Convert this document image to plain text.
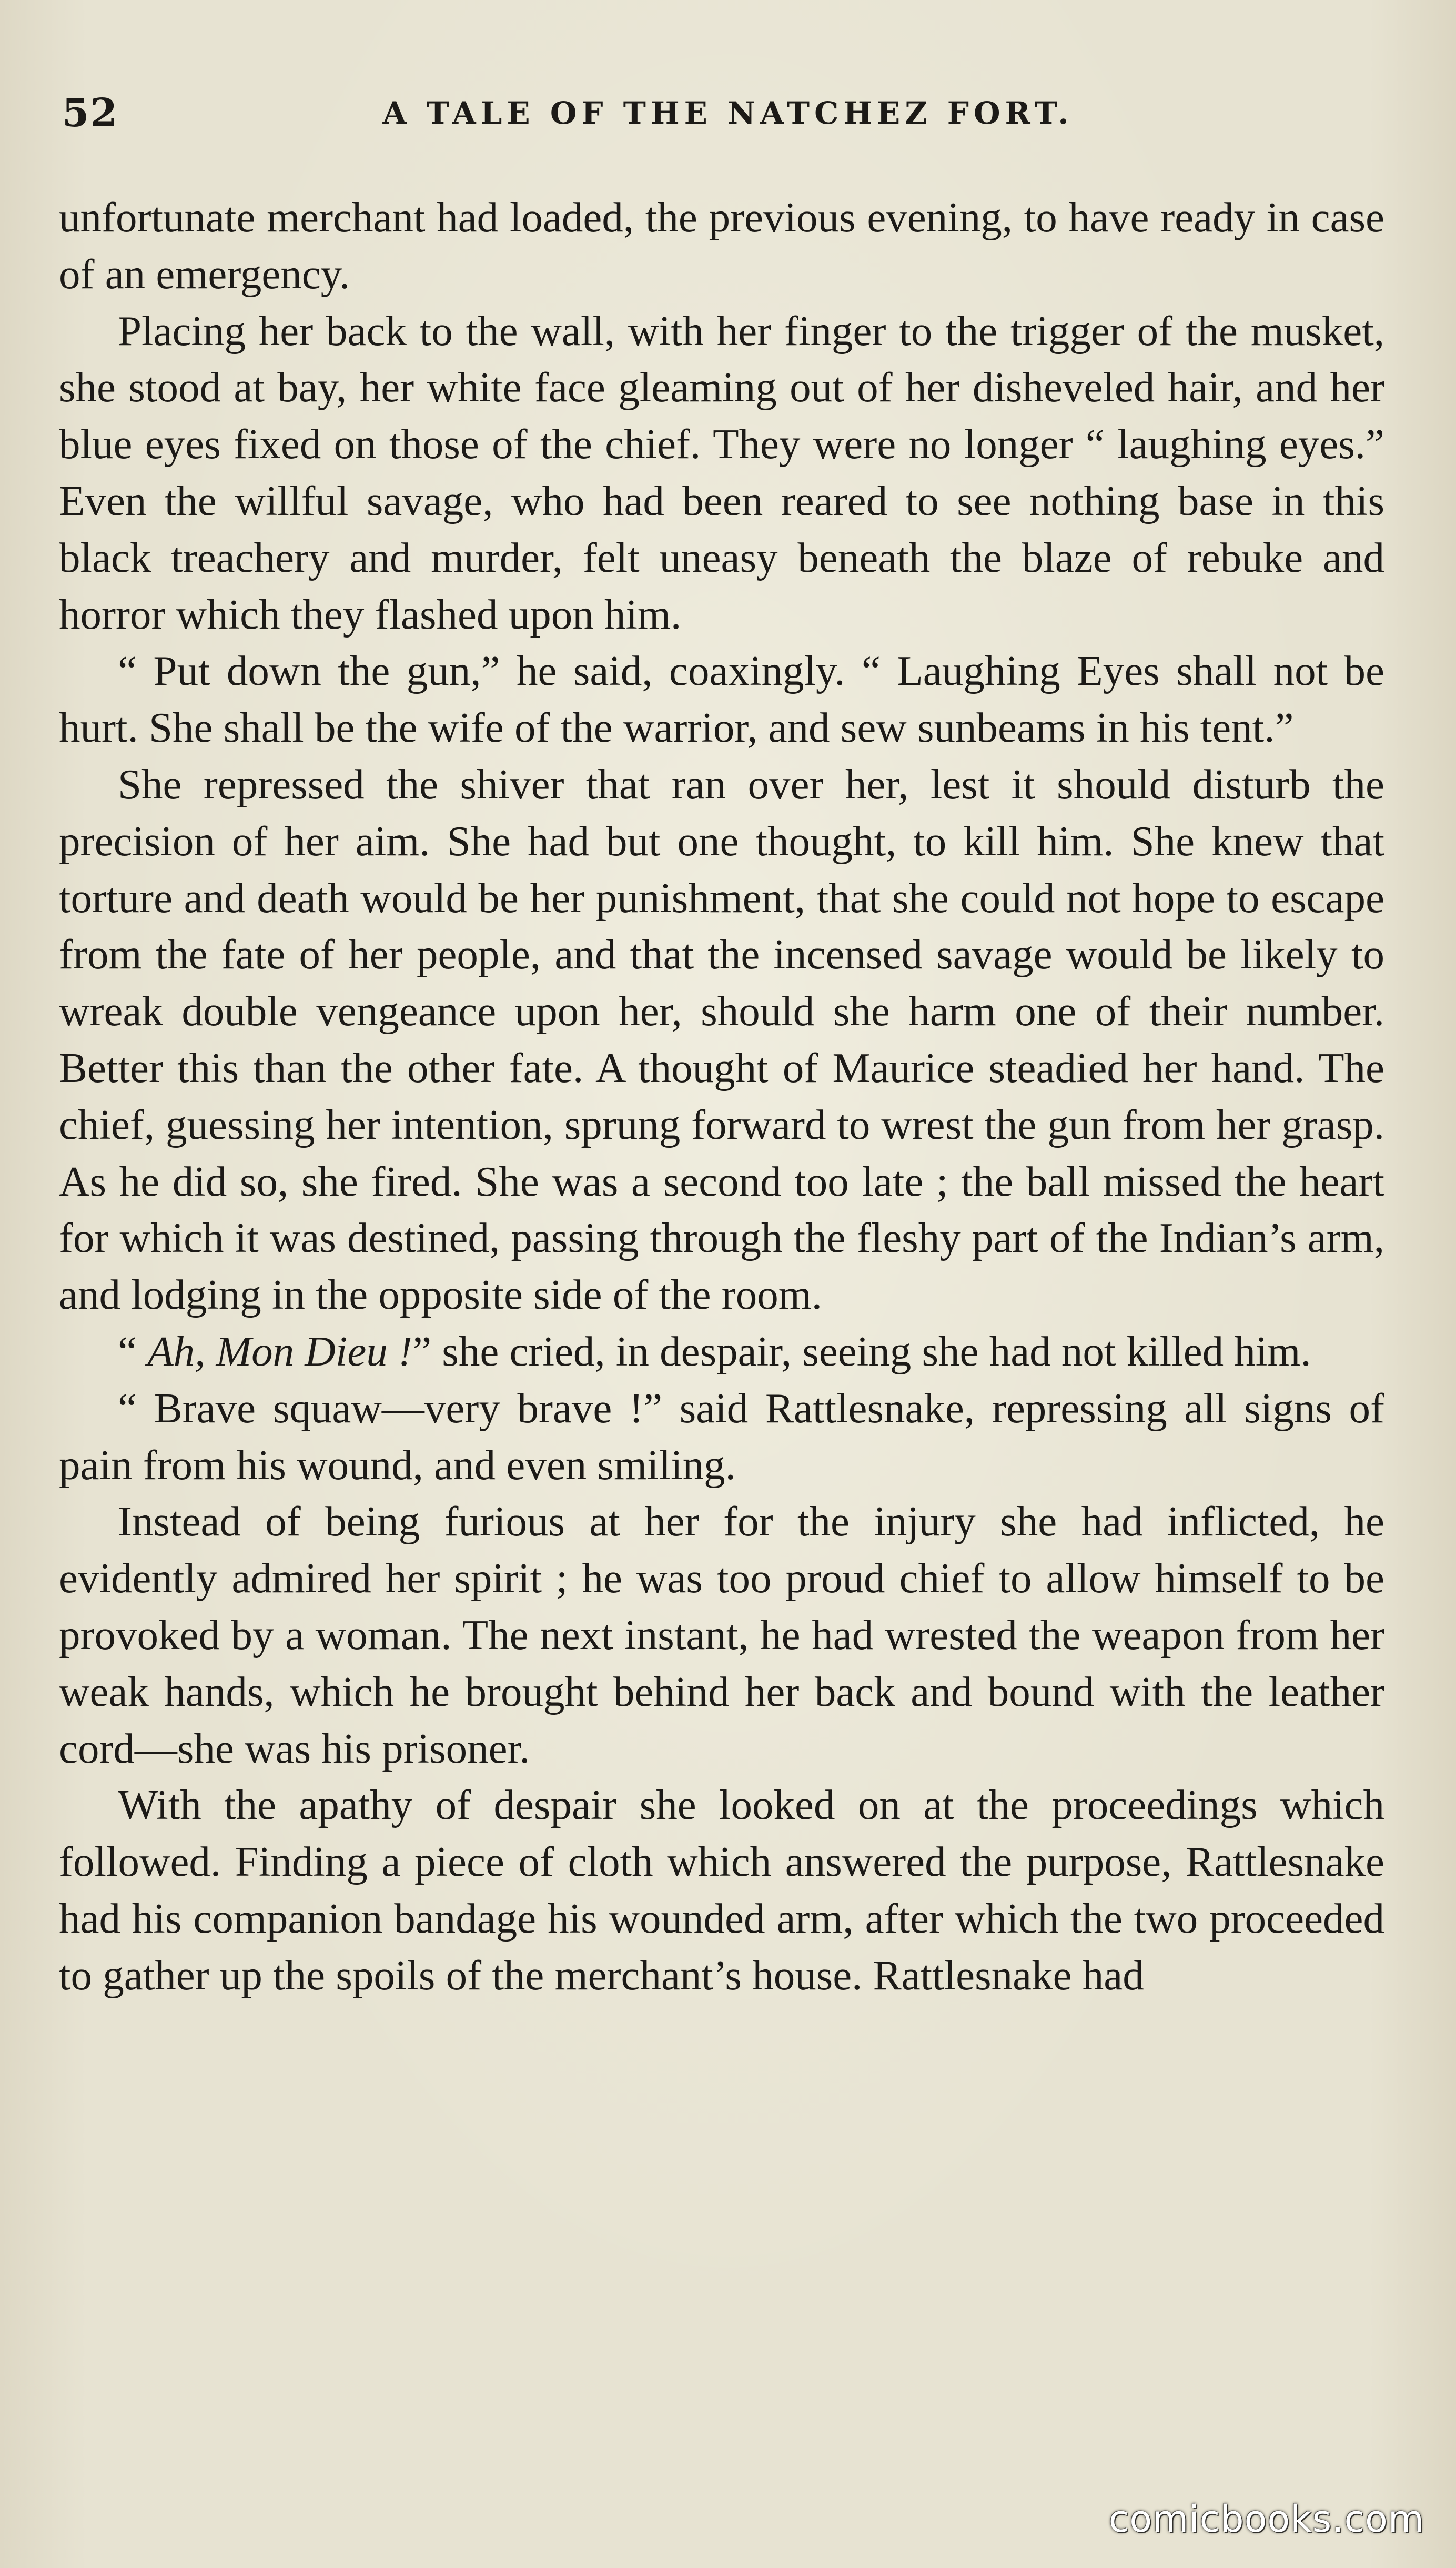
52	A TALE OF THE NATCHEZ FORT.

unfortunate merchant had loaded, the previous evening, to have ready in case of an emergency.

Placing her back to the wall, with her finger to the trigger of the musket, she stood at bay, her white face gleaming out of her disheveled hair, and her blue eyes fixed on those of the chief. They were no longer “ laughing eyes.” Even the willful savage, who had been reared to see nothing base in this black treachery and murder, felt uneasy beneath the blaze of rebuke and horror which they flashed upon him.

“ Put down the gun,” he said, coaxingly. “ Laughing Eyes shall not be hurt. She shall be the wife of the warrior, and sew sunbeams in his tent.”

She repressed the shiver that ran over her, lest it should disturb the precision of her aim. She had but one thought, to kill him. She knew that torture and death would be her punishment, that she could not hope to escape from the fate of her people, and that the incensed savage would be likely to wreak double vengeance upon her, should she harm one of their number. Better this than the other fate. A thought of Maurice steadied her hand. The chief, guessing her intention, sprung forward to wrest the gun from her grasp. As he did so, she fired. She was a second too late ; the ball missed the heart for which it was destined, passing through the fleshy part of the Indian’s arm, and lodging in the opposite side of the room.

“ Ah, Mon Dieu !” she cried, in despair, seeing she had not killed him.

“ Brave squaw—very brave !” said Rattlesnake, repressing all signs of pain from his wound, and even smiling.

Instead of being furious at her for the injury she had inflicted, he evidently admired her spirit ; he was too proud chief to allow himself to be provoked by a woman. The next instant, he had wrested the weapon from her weak hands, which he brought behind her back and bound with the leather cord—she was his prisoner.

With the apathy of despair she looked on at the proceedings which followed. Finding a piece of cloth which answered the purpose, Rattlesnake had his companion bandage his wounded arm, after which the two proceeded to gather up the spoils of the merchant’s house. Rattlesnake had

comicbooks.com
